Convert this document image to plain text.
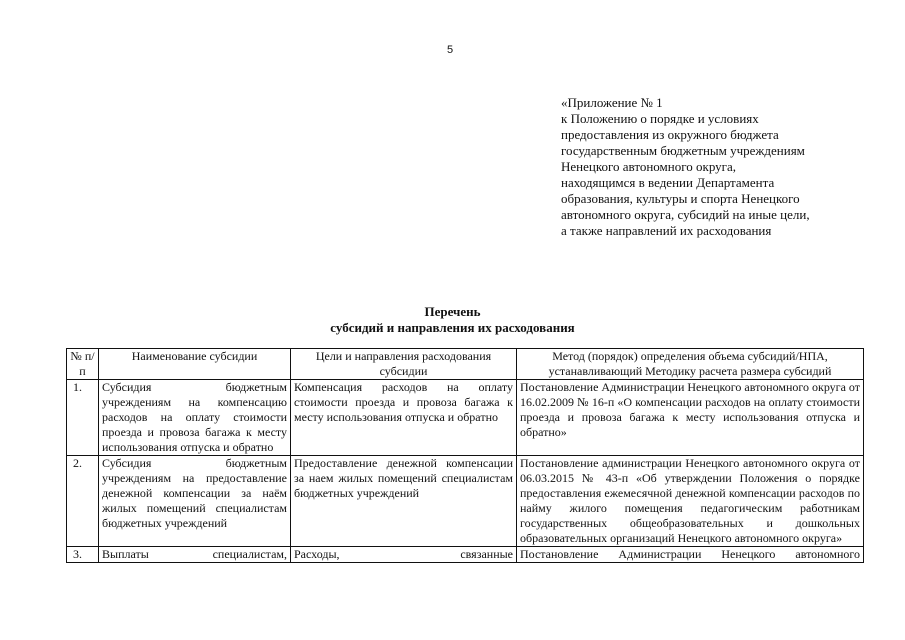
5
«Приложение № 1
к Положению о порядке и условиях
предоставления из окружного бюджета
государственным бюджетным учреждениям
Ненецкого автономного округа,
находящимся в ведении Департамента
образования, культуры и спорта Ненецкого
автономного округа, субсидий на иные цели,
а также направлений их расходования
Перечень
субсидий и направления их расходования
№ п/п	Наименование субсидии	Цели и направления расходования субсидии	Метод (порядок) определения объема субсидий/НПА, устанавливающий Методику расчета размера субсидий
1.	Субсидия бюджетным учреждениям на компенсацию расходов на оплату стоимости проезда и провоза багажа к месту использования отпуска и обратно	Компенсация расходов на оплату стоимости проезда и провоза багажа к месту использования отпуска и обратно	Постановление Администрации Ненецкого автономного округа от 16.02.2009 № 16-п «О компенсации расходов на оплату стоимости проезда и провоза багажа к месту использования отпуска и обратно»
2.	Субсидия бюджетным учреждениям на предоставление денежной компенсации за наём жилых помещений специалистам бюджетных учреждений	Предоставление денежной компенсации за наем жилых помещений специалистам бюджетных учреждений	Постановление администрации Ненецкого автономного округа от 06.03.2015 № 43-п «Об утверждении Положения о порядке предоставления ежемесячной денежной компенсации расходов по найму жилого помещения педагогическим работникам государственных общеобразовательных и дошкольных образовательных организаций Ненецкого автономного округа»
3.	Выплаты специалистам,	Расходы, связанные	Постановление Администрации Ненецкого автономного
